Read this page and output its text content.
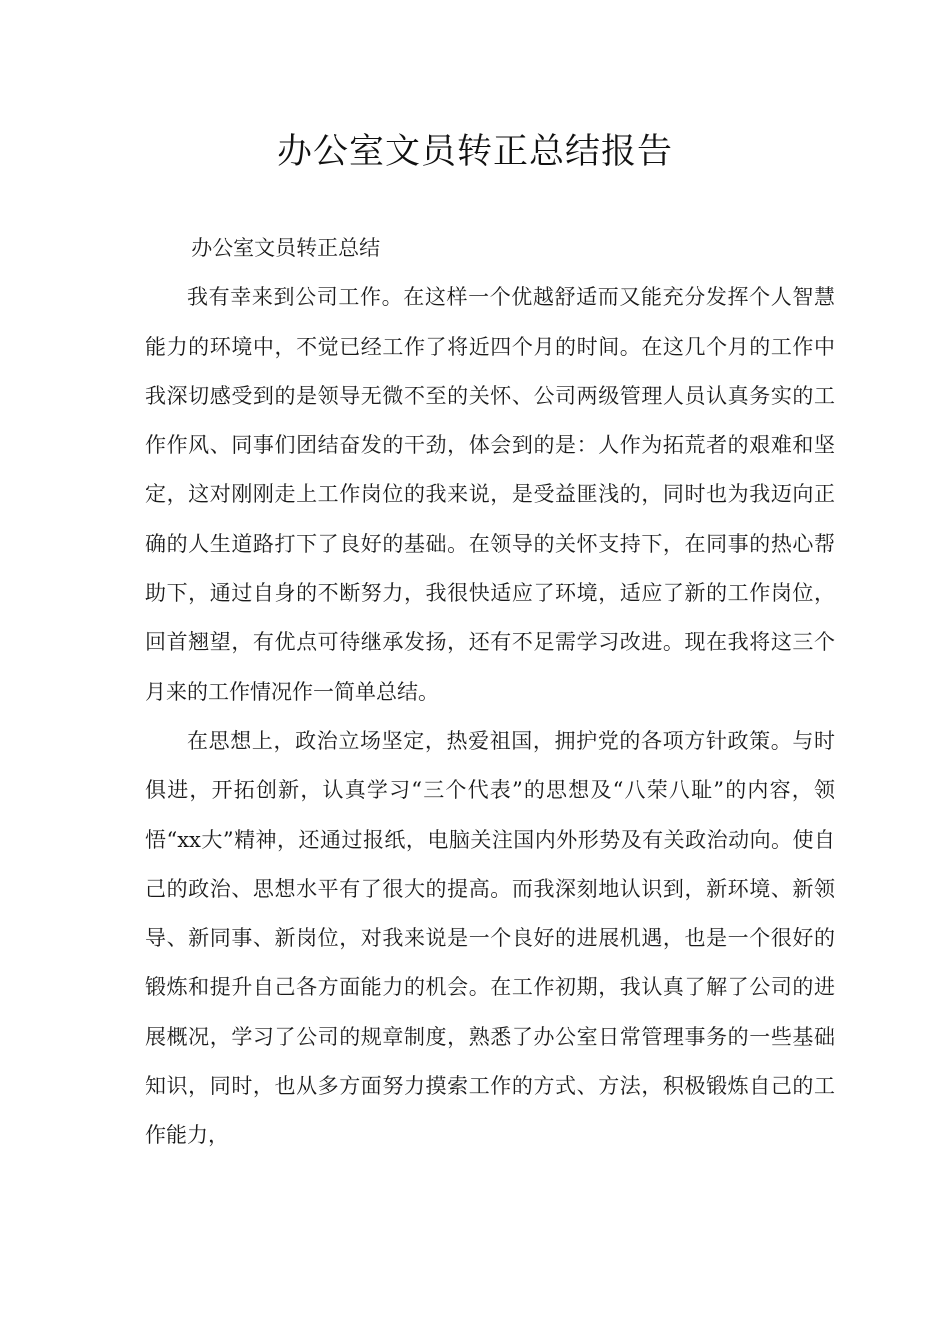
办公室文员转正总结报告

办公室文员转正总结

我有幸来到公司工作。在这样一个优越舒适而又能充分发挥个人智慧能力的环境中，不觉已经工作了将近四个月的时间。在这几个月的工作中我深切感受到的是领导无微不至的关怀、公司两级管理人员认真务实的工作作风、同事们团结奋发的干劲，体会到的是：人作为拓荒者的艰难和坚定，这对刚刚走上工作岗位的我来说，是受益匪浅的，同时也为我迈向正确的人生道路打下了良好的基础。在领导的关怀支持下，在同事的热心帮助下，通过自身的不断努力，我很快适应了环境，适应了新的工作岗位，回首翘望，有优点可待继承发扬，还有不足需学习改进。现在我将这三个月来的工作情况作一简单总结。

在思想上，政治立场坚定，热爱祖国，拥护党的各项方针政策。与时俱进，开拓创新，认真学习“三个代表”的思想及“八荣八耻”的内容，领悟“xx大”精神，还通过报纸，电脑关注国内外形势及有关政治动向。使自己的政治、思想水平有了很大的提高。而我深刻地认识到，新环境、新领导、新同事、新岗位，对我来说是一个良好的进展机遇，也是一个很好的锻炼和提升自己各方面能力的机会。在工作初期，我认真了解了公司的进展概况，学习了公司的规章制度，熟悉了办公室日常管理事务的一些基础知识，同时，也从多方面努力摸索工作的方式、方法，积极锻炼自己的工作能力，
